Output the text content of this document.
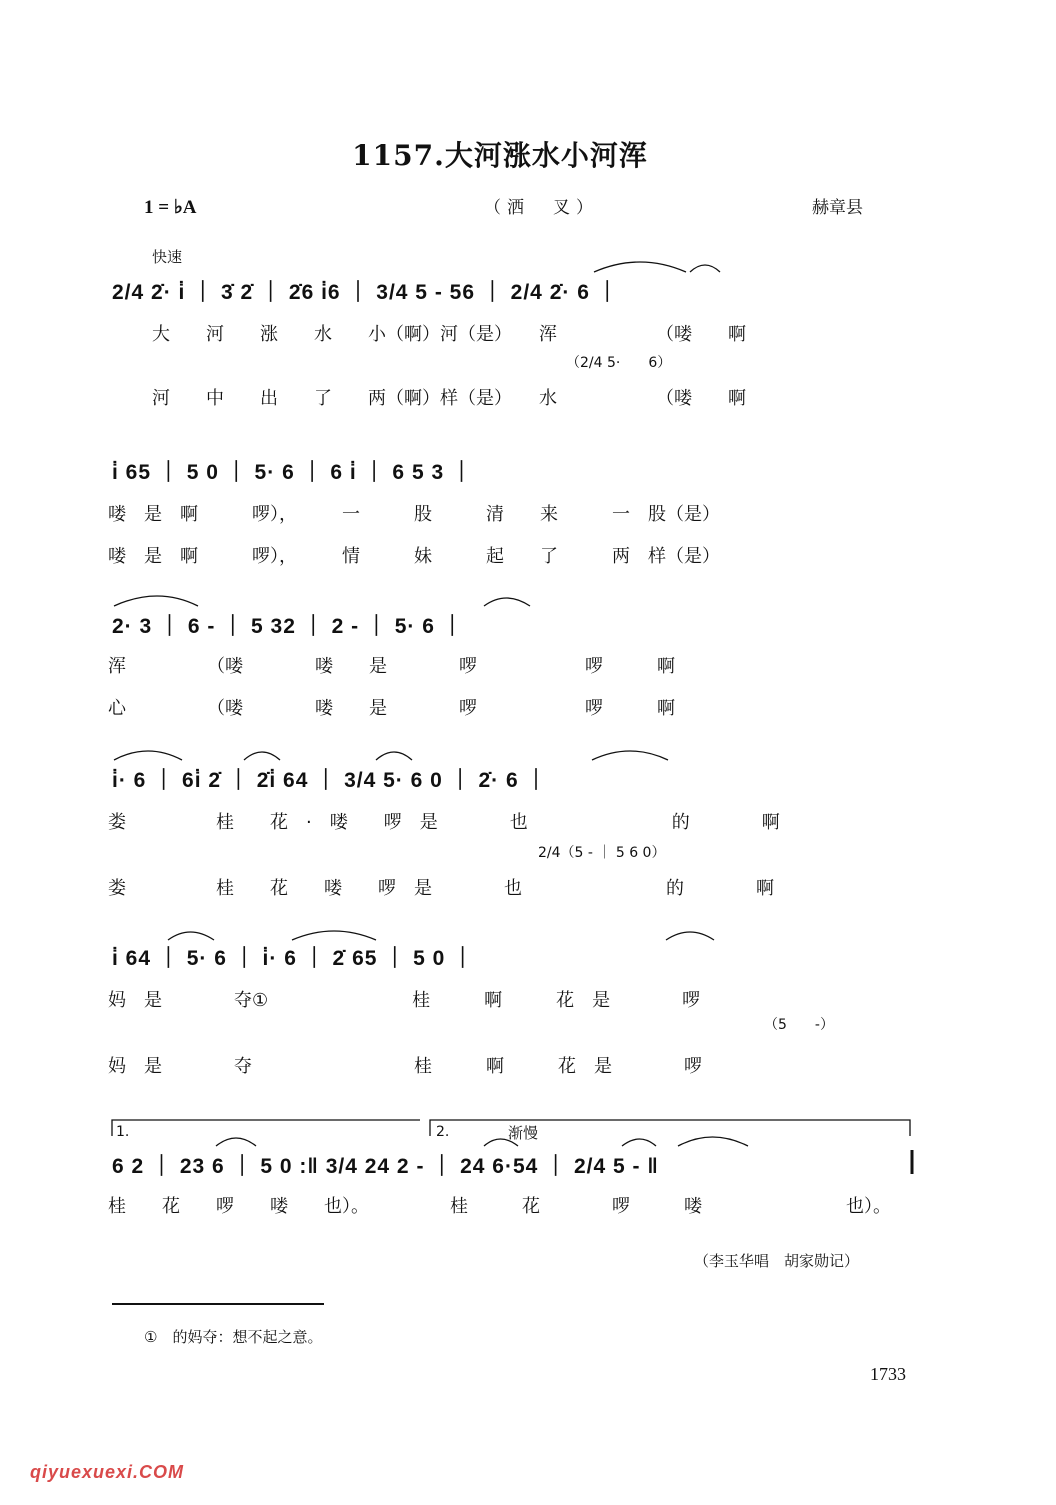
1157.大河涨水小河浑
1 = ♭A	（洒　叉）	赫章县
快速
2/4 2̇· i̇ ｜ 3̇ 2̇ ｜ 2̇6 i̇6 ｜ 3/4 5 - 56 ｜ 2/4 2̇· 6 ｜
大　　河　　涨　　水　　小（啊）河（是）　　浑　　　　　　（喽　　啊
（2/4 5·　　6）
河　　中　　出　　了　　两（啊）样（是）　　水　　　　　　（喽　　啊
i̇ 65 ｜ 5 0 ｜ 5· 6 ｜ 6 i̇ ｜ 6 5 3 ｜
喽　是　啊　　　啰），　　　一　　　股　　　清　　来　　　一　股（是）
喽　是　啊　　　啰），　　　情　　　妹　　　起　　了　　　两　样（是）
2· 3 ｜ 6 - ｜ 5 32 ｜ 2 - ｜ 5· 6 ｜
浑　　　　　（喽　　　　喽　　是　　　　啰　　　　　　啰　　　啊
心　　　　　（喽　　　　喽　　是　　　　啰　　　　　　啰　　　啊
i̇· 6 ｜ 6i̇ 2̇ ｜ 2̇i̇ 64 ｜ 3/4 5· 6 0 ｜ 2̇· 6 ｜
娄　　　　　桂　　花　·　喽　　啰　是　　　　也　　　　　　　　的　　　　啊
2/4（5 - ｜ 5 6 0）
娄　　　　　桂　　花　　喽　　啰　是　　　　也　　　　　　　　的　　　　啊
i̇ 64 ｜ 5· 6 ｜ i̇· 6 ｜ 2̇ 65 ｜ 5 0 ｜
妈　是　　　　夺①　　　　　　　　桂　　　啊　　　花　是　　　　啰
（5　　-）
妈　是　　　　夺　　　　　　　　　桂　　　啊　　　花　是　　　　啰
1.	2.	渐慢
6 2 ｜ 23 6 ｜ 5 0 :‖ 3/4 24 2 - ｜ 24 6·54 ｜ 2/4 5 - ‖
桂　　花　　啰　　喽　　也）。　　　　　桂　　　花　　　　啰　　　喽　　　　　　　　也）。
（李玉华唱　胡家勋记）
①　的妈夺：想不起之意。
1733
qiyuexuexi.COM
